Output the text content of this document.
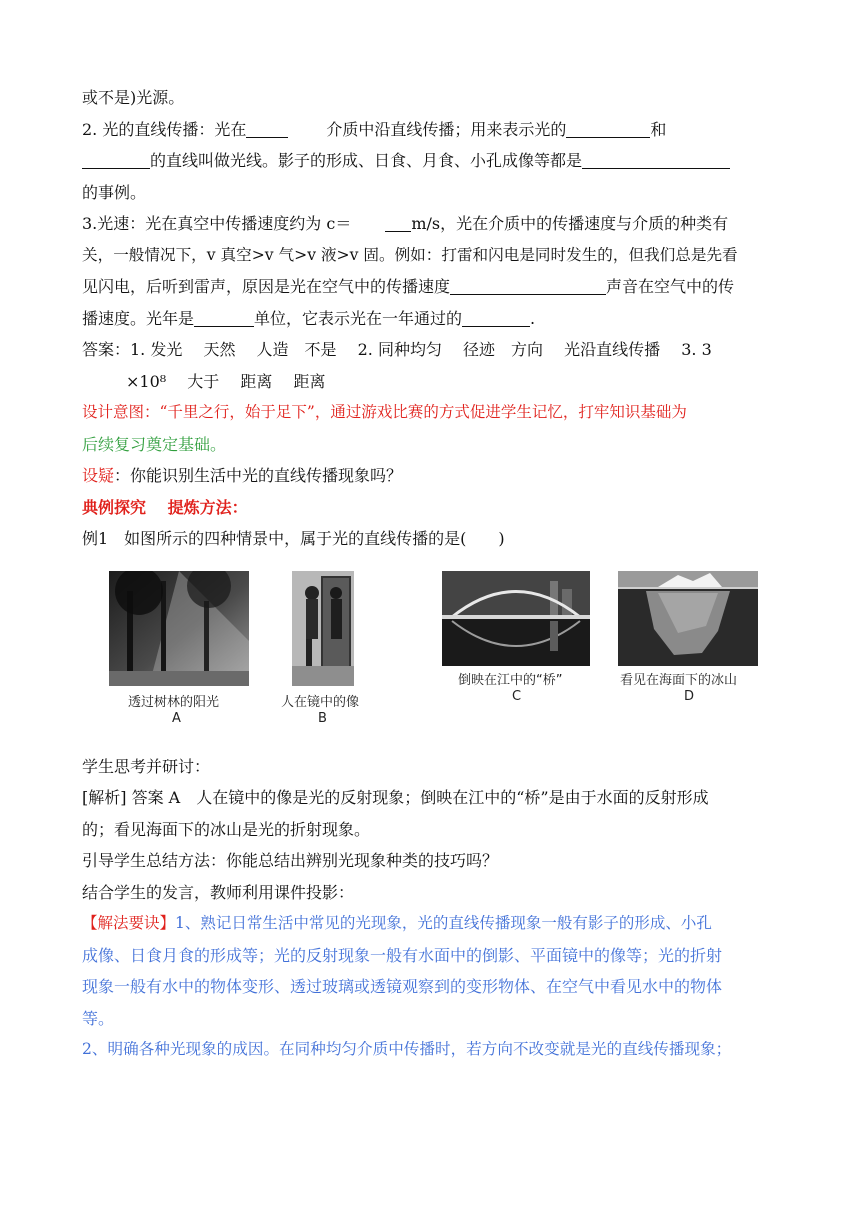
或不是)光源。
2. 光的直线传播：光在	介质中沿直线传播；用来表示光的	和
的直线叫做光线。影子的形成、日食、月食、小孔成像等都是
的事例。
3.光速：光在真空中传播速度约为 c＝	m/s，光在介质中的传播速度与介质的种类有
关，一般情况下，v 真空>v 气>v 液>v 固。例如：打雷和闪电是同时发生的，但我们总是先看
见闪电，后听到雷声，原因是光在空气中的传播速度	声音在空气中的传
播速度。光年是	单位，它表示光在一年通过的	.
答案：1. 发光　 天然　 人造　不是　 2. 同种均匀　 径迹　方向　 光沿直线传播　 3. 3
×10⁸　 大于　 距离　 距离
设计意图：“千里之行，始于足下”，通过游戏比赛的方式促进学生记忆，打牢知识基础为
后续复习奠定基础。
设疑：你能识别生活中光的直线传播现象吗？
典例探究　 提炼方法：
例1　如图所示的四种情景中，属于光的直线传播的是(　　)
透过树林的阳光
A
人在镜中的像
B
倒映在江中的“桥”
C
看见在海面下的冰山
D
学生思考并研讨：
[解析] 答案 A　人在镜中的像是光的反射现象；倒映在江中的“桥”是由于水面的反射形成
的；看见海面下的冰山是光的折射现象。
引导学生总结方法：你能总结出辨别光现象种类的技巧吗？
结合学生的发言，教师利用课件投影：
【解法要诀】1、熟记日常生活中常见的光现象，光的直线传播现象一般有影子的形成、小孔
成像、日食月食的形成等；光的反射现象一般有水面中的倒影、平面镜中的像等；光的折射
现象一般有水中的物体变形、透过玻璃或透镜观察到的变形物体、在空气中看见水中的物体
等。
2、明确各种光现象的成因。在同种均匀介质中传播时，若方向不改变就是光的直线传播现象；
